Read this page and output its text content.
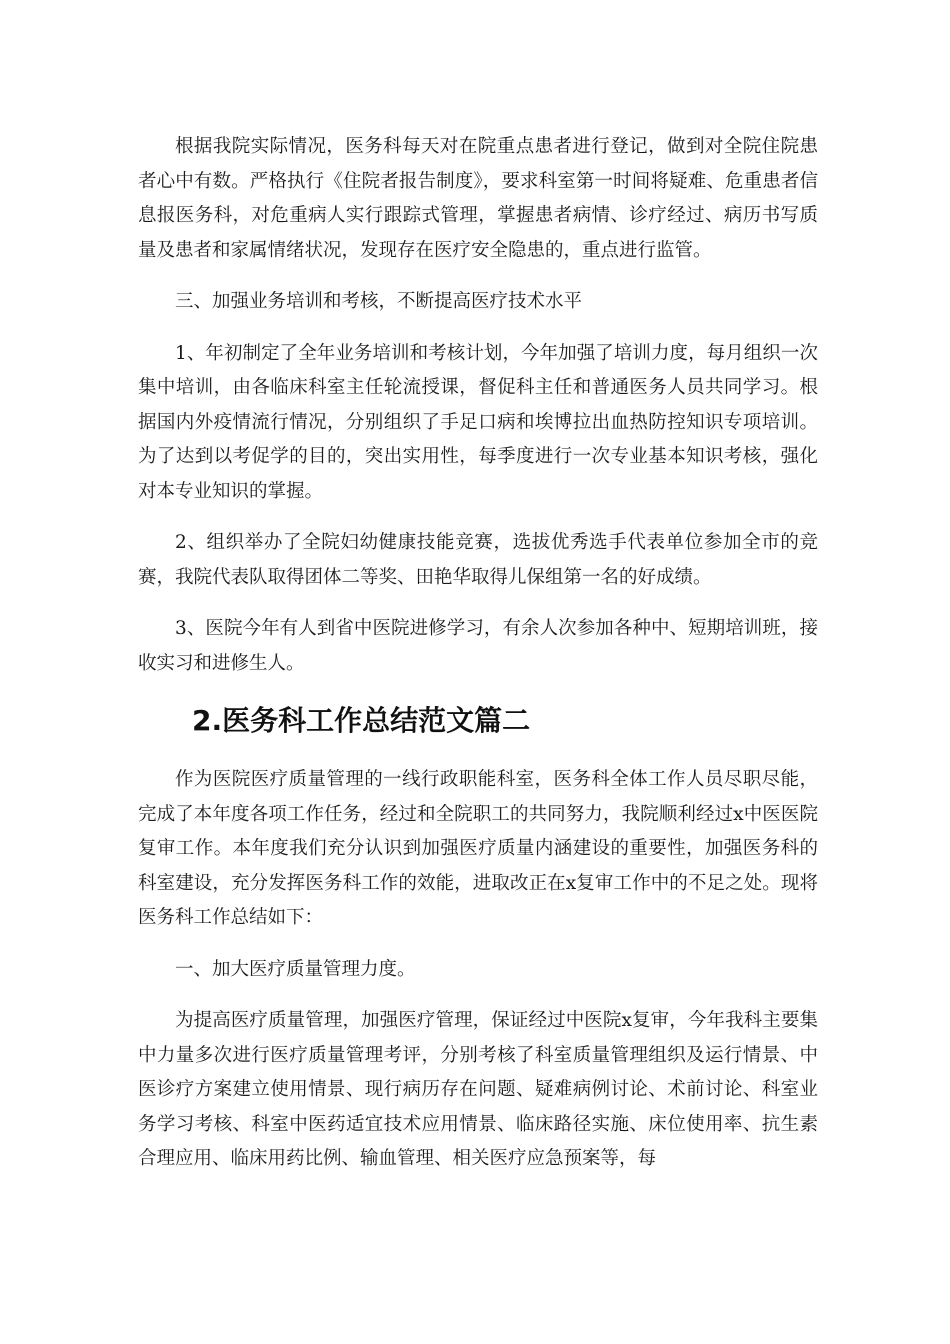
根据我院实际情况，医务科每天对在院重点患者进行登记，做到对全院住院患者心中有数。严格执行《住院者报告制度》，要求科室第一时间将疑难、危重患者信息报医务科，对危重病人实行跟踪式管理，掌握患者病情、诊疗经过、病历书写质量及患者和家属情绪状况，发现存在医疗安全隐患的，重点进行监管。

三、加强业务培训和考核，不断提高医疗技术水平

1、年初制定了全年业务培训和考核计划，今年加强了培训力度，每月组织一次集中培训，由各临床科室主任轮流授课，督促科主任和普通医务人员共同学习。根据国内外疫情流行情况，分别组织了手足口病和埃博拉出血热防控知识专项培训。为了达到以考促学的目的，突出实用性，每季度进行一次专业基本知识考核，强化对本专业知识的掌握。

2、组织举办了全院妇幼健康技能竞赛，选拔优秀选手代表单位参加全市的竞赛，我院代表队取得团体二等奖、田艳华取得儿保组第一名的好成绩。

3、医院今年有人到省中医院进修学习，有余人次参加各种中、短期培训班，接收实习和进修生人。

2.医务科工作总结范文篇二

作为医院医疗质量管理的一线行政职能科室，医务科全体工作人员尽职尽能，完成了本年度各项工作任务，经过和全院职工的共同努力，我院顺利经过x中医医院复审工作。本年度我们充分认识到加强医疗质量内涵建设的重要性，加强医务科的科室建设，充分发挥医务科工作的效能，进取改正在x复审工作中的不足之处。现将医务科工作总结如下：

一、加大医疗质量管理力度。

为提高医疗质量管理，加强医疗管理，保证经过中医院x复审，今年我科主要集中力量多次进行医疗质量管理考评，分别考核了科室质量管理组织及运行情景、中医诊疗方案建立使用情景、现行病历存在问题、疑难病例讨论、术前讨论、科室业务学习考核、科室中医药适宜技术应用情景、临床路径实施、床位使用率、抗生素合理应用、临床用药比例、输血管理、相关医疗应急预案等，每
